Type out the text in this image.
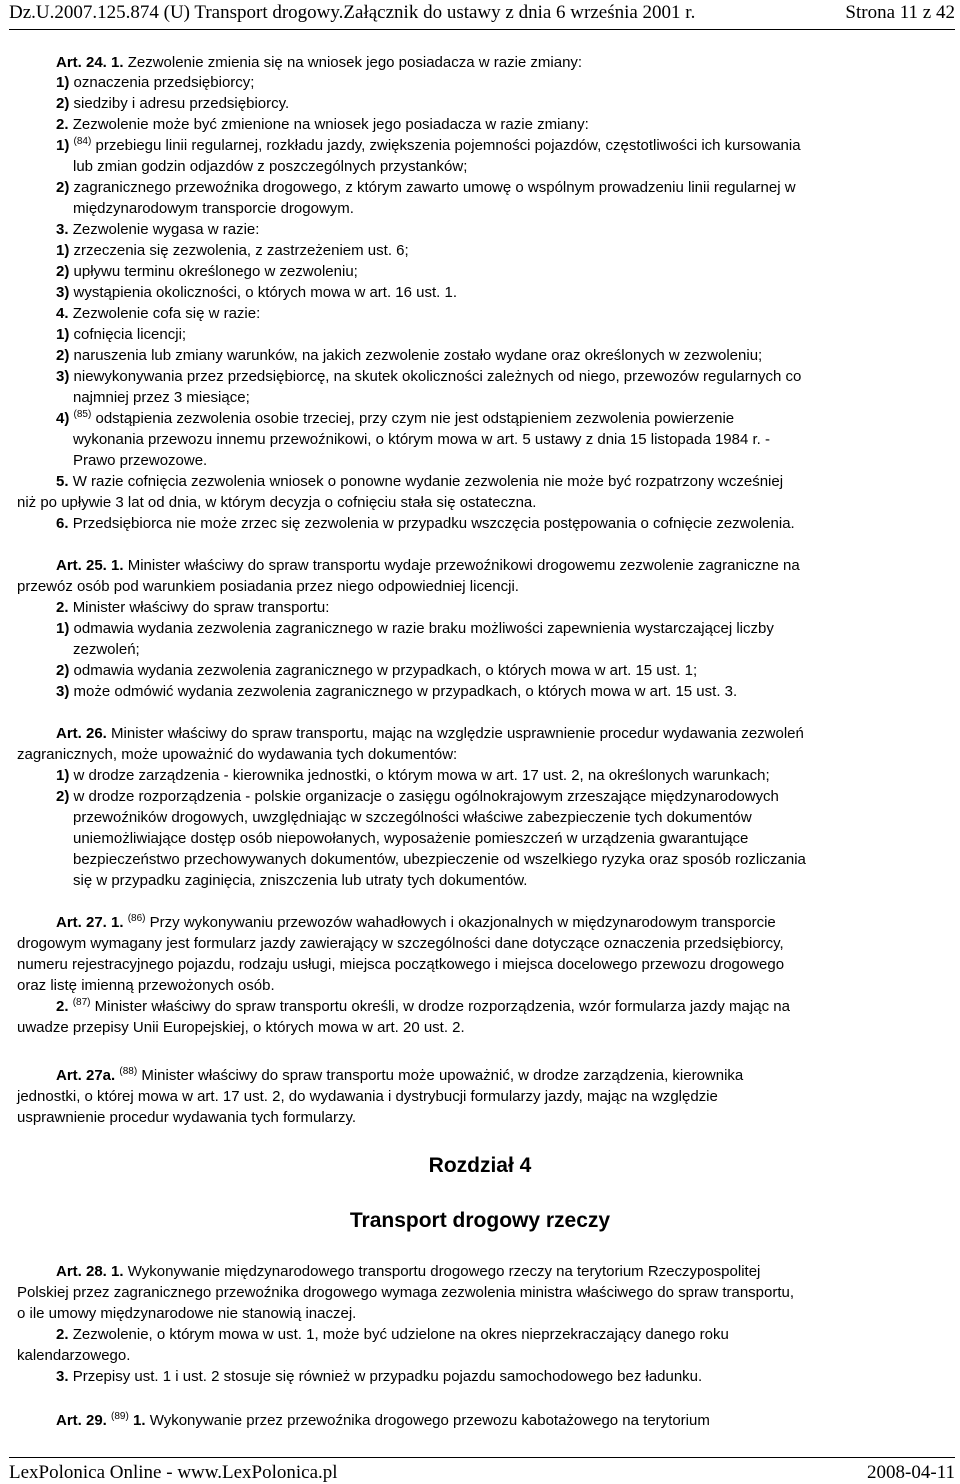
Dz.U.2007.125.874 (U) Transport drogowy.Załącznik do ustawy z dnia 6 września 2001 r.	Strona 11 z 42
Art. 24. 1. Zezwolenie zmienia się na wniosek jego posiadacza w razie zmiany:
1) oznaczenia przedsiębiorcy;
2) siedziby i adresu przedsiębiorcy.
2. Zezwolenie może być zmienione na wniosek jego posiadacza w razie zmiany:
1) $^{(84)}$ przebiegu linii regularnej, rozkładu jazdy, zwiększenia pojemności pojazdów, częstotliwości ich kursowania
lub zmian godzin odjazdów z poszczególnych przystanków;
2) zagranicznego przewoźnika drogowego, z którym zawarto umowę o wspólnym prowadzeniu linii regularnej w
międzynarodowym transporcie drogowym.
3. Zezwolenie wygasa w razie:
1) zrzeczenia się zezwolenia, z zastrzeżeniem ust. 6;
2) upływu terminu określonego w zezwoleniu;
3) wystąpienia okoliczności, o których mowa w art. 16 ust. 1.
4. Zezwolenie cofa się w razie:
1) cofnięcia licencji;
2) naruszenia lub zmiany warunków, na jakich zezwolenie zostało wydane oraz określonych w zezwoleniu;
3) niewykonywania przez przedsiębiorcę, na skutek okoliczności zależnych od niego, przewozów regularnych co
najmniej przez 3 miesiące;
4) $^{(85)}$ odstąpienia zezwolenia osobie trzeciej, przy czym nie jest odstąpieniem zezwolenia powierzenie
wykonania przewozu innemu przewoźnikowi, o którym mowa w art. 5 ustawy z dnia 15 listopada 1984 r. -
Prawo przewozowe.
5. W razie cofnięcia zezwolenia wniosek o ponowne wydanie zezwolenia nie może być rozpatrzony wcześniej
niż po upływie 3 lat od dnia, w którym decyzja o cofnięciu stała się ostateczna.
6. Przedsiębiorca nie może zrzec się zezwolenia w przypadku wszczęcia postępowania o cofnięcie zezwolenia.
Art. 25. 1. Minister właściwy do spraw transportu wydaje przewoźnikowi drogowemu zezwolenie zagraniczne na
przewóz osób pod warunkiem posiadania przez niego odpowiedniej licencji.
2. Minister właściwy do spraw transportu:
1) odmawia wydania zezwolenia zagranicznego w razie braku możliwości zapewnienia wystarczającej liczby
zezwoleń;
2) odmawia wydania zezwolenia zagranicznego w przypadkach, o których mowa w art. 15 ust. 1;
3) może odmówić wydania zezwolenia zagranicznego w przypadkach, o których mowa w art. 15 ust. 3.
Art. 26. Minister właściwy do spraw transportu, mając na względzie usprawnienie procedur wydawania zezwoleń
zagranicznych, może upoważnić do wydawania tych dokumentów:
1) w drodze zarządzenia - kierownika jednostki, o którym mowa w art. 17 ust. 2, na określonych warunkach;
2) w drodze rozporządzenia - polskie organizacje o zasięgu ogólnokrajowym zrzeszające międzynarodowych
przewoźników drogowych, uwzględniając w szczególności właściwe zabezpieczenie tych dokumentów
uniemożliwiające dostęp osób niepowołanych, wyposażenie pomieszczeń w urządzenia gwarantujące
bezpieczeństwo przechowywanych dokumentów, ubezpieczenie od wszelkiego ryzyka oraz sposób rozliczania
się w przypadku zaginięcia, zniszczenia lub utraty tych dokumentów.
Art. 27. 1. $^{(86)}$ Przy wykonywaniu przewozów wahadłowych i okazjonalnych w międzynarodowym transporcie
drogowym wymagany jest formularz jazdy zawierający w szczególności dane dotyczące oznaczenia przedsiębiorcy,
numeru rejestracyjnego pojazdu, rodzaju usługi, miejsca początkowego i miejsca docelowego przewozu drogowego
oraz listę imienną przewożonych osób.
2. $^{(87)}$ Minister właściwy do spraw transportu określi, w drodze rozporządzenia, wzór formularza jazdy mając na
uwadze przepisy Unii Europejskiej, o których mowa w art. 20 ust. 2.
Art. 27a. $^{(88)}$ Minister właściwy do spraw transportu może upoważnić, w drodze zarządzenia, kierownika
jednostki, o której mowa w art. 17 ust. 2, do wydawania i dystrybucji formularzy jazdy, mając na względzie
usprawnienie procedur wydawania tych formularzy.
Rozdział 4
Transport drogowy rzeczy
Art. 28. 1. Wykonywanie międzynarodowego transportu drogowego rzeczy na terytorium Rzeczypospolitej
Polskiej przez zagranicznego przewoźnika drogowego wymaga zezwolenia ministra właściwego do spraw transportu,
o ile umowy międzynarodowe nie stanowią inaczej.
2. Zezwolenie, o którym mowa w ust. 1, może być udzielone na okres nieprzekraczający danego roku
kalendarzowego.
3. Przepisy ust. 1 i ust. 2 stosuje się również w przypadku pojazdu samochodowego bez ładunku.
Art. 29. $^{(89)}$ 1. Wykonywanie przez przewoźnika drogowego przewozu kabotażowego na terytorium
LexPolonica Online - www.LexPolonica.pl	2008-04-11
